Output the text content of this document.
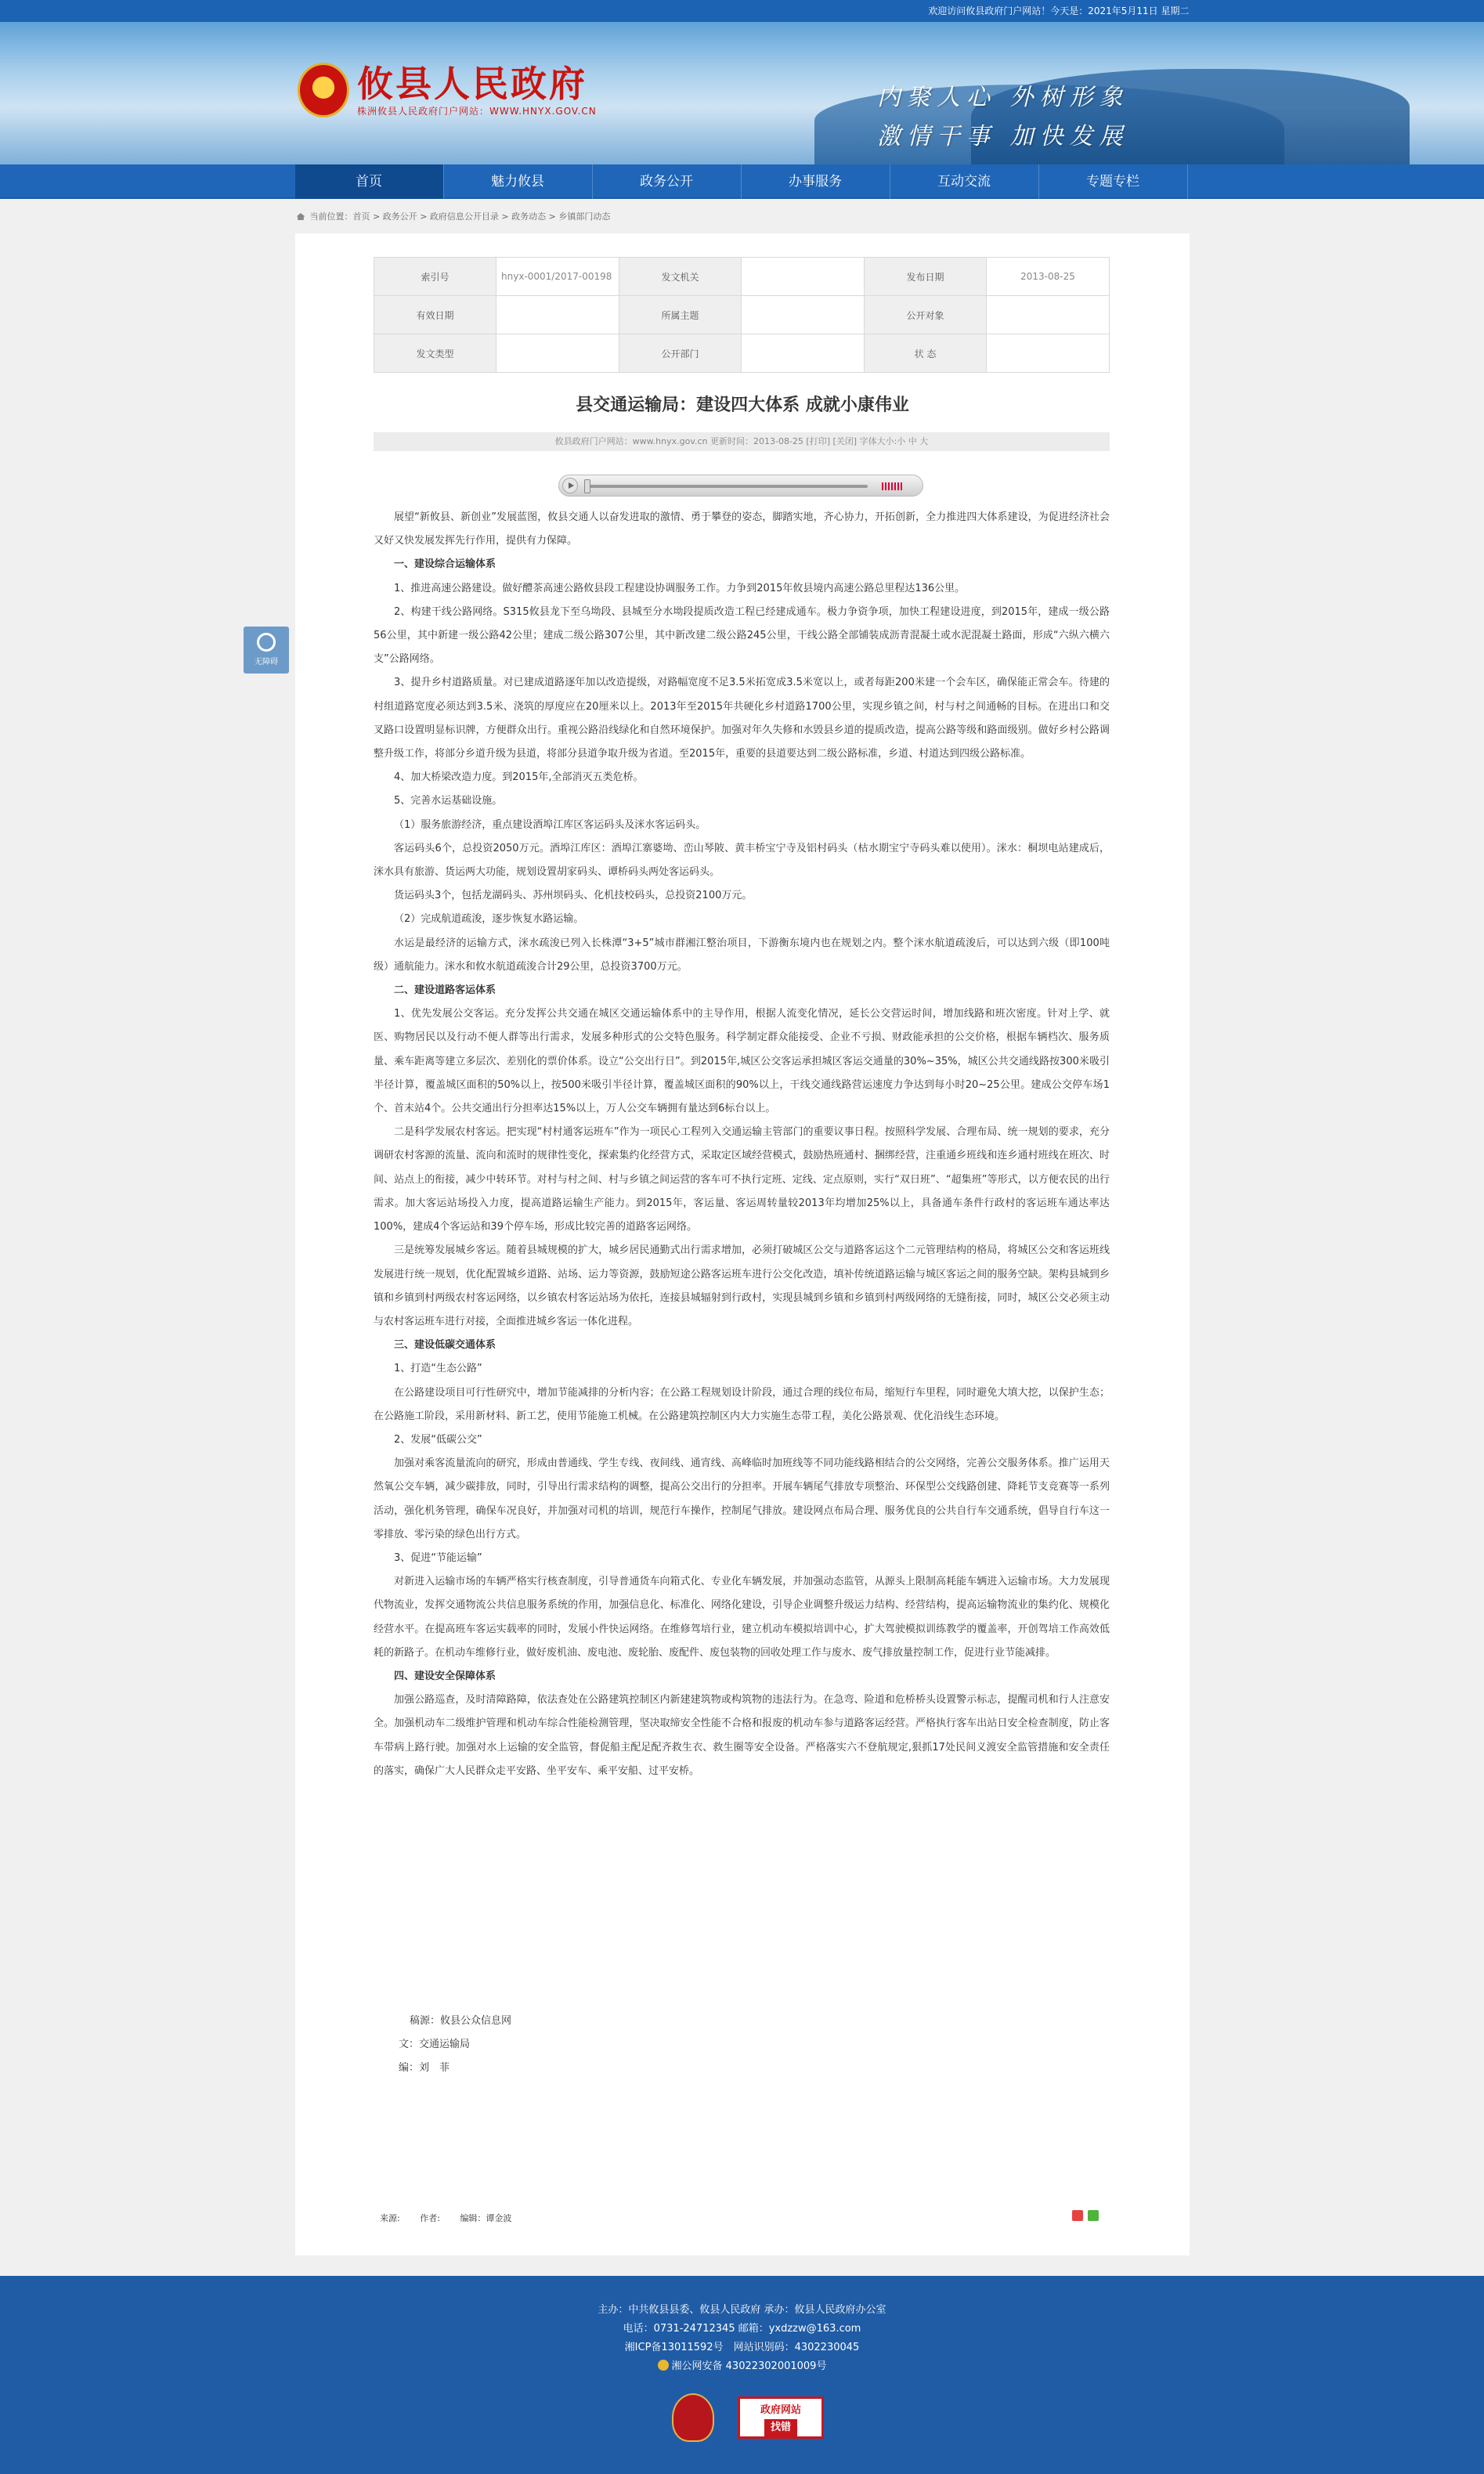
欢迎访问攸县政府门户网站！今天是：2021年5月11日 星期二
攸县人民政府
株洲攸县人民政府门户网站：WWW.HNYX.GOV.CN	内聚人心 外树形象
激情干事 加快发展
首页	魅力攸县	政务公开	办事服务	互动交流	专题专栏
当前位置：首页 > 政务公开 > 政府信息公开目录 > 政务动态 > 乡镇部门动态
无障碍
索引号	hnyx-0001/2017-00198	发文机关		发布日期	2013-08-25
有效日期		所属主题		公开对象	
发文类型		公开部门		状 态	
县交通运输局：建设四大体系 成就小康伟业
攸县政府门户网站：www.hnyx.gov.cn 更新时间：2013-08-25 [打印] [关闭] 字体大小:小 中 大

展望“新攸县、新创业”发展蓝图，攸县交通人以奋发进取的激情、勇于攀登的姿态，脚踏实地，齐心协力，开拓创新，全力推进四大体系建设，为促进经济社会又好又快发展发挥先行作用，提供有力保障。

一、建设综合运输体系

1、推进高速公路建设。做好醴茶高速公路攸县段工程建设协调服务工作。力争到2015年攸县境内高速公路总里程达136公里。

2、构建干线公路网络。S315攸县龙下至乌坳段、县城至分水坳段提质改造工程已经建成通车。极力争资争项，加快工程建设进度，到2015年，建成一级公路56公里，其中新建一级公路42公里；建成二级公路307公里，其中新改建二级公路245公里，干线公路全部铺装成沥青混凝土或水泥混凝土路面，形成“六纵六横六支”公路网络。

3、提升乡村道路质量。对已建成道路逐年加以改造提级，对路幅宽度不足3.5米拓宽成3.5米宽以上，或者每距200米建一个会车区，确保能正常会车。待建的村组道路宽度必须达到3.5米、浇筑的厚度应在20厘米以上。2013年至2015年共硬化乡村道路1700公里，实现乡镇之间，村与村之间通畅的目标。在进出口和交叉路口设置明显标识牌，方便群众出行。重视公路沿线绿化和自然环境保护。加强对年久失修和水毁县乡道的提质改造，提高公路等级和路面级别。做好乡村公路调整升级工作，将部分乡道升级为县道，将部分县道争取升级为省道。至2015年，重要的县道要达到二级公路标准，乡道、村道达到四级公路标准。

4、加大桥梁改造力度。到2015年,全部消灭五类危桥。

5、完善水运基础设施。

（1）服务旅游经济，重点建设酒埠江库区客运码头及洣水客运码头。

客运码头6个，总投资2050万元。酒埠江库区：酒埠江寨婆坳、峦山琴陂、黄丰桥宝宁寺及铝村码头（枯水期宝宁寺码头难以使用）。洣水：桐坝电站建成后，洣水具有旅游、货运两大功能，规划设置胡家码头、谭桥码头两处客运码头。

货运码头3个，包括龙湖码头、苏州坝码头、化机技校码头，总投资2100万元。

（2）完成航道疏浚，逐步恢复水路运输。

水运是最经济的运输方式，洣水疏浚已列入长株潭“3+5”城市群湘江整治项目，下游衡东境内也在规划之内。整个洣水航道疏浚后，可以达到六级（即100吨级）通航能力。洣水和攸水航道疏浚合计29公里，总投资3700万元。

二、建设道路客运体系

1、优先发展公交客运。充分发挥公共交通在城区交通运输体系中的主导作用，根据人流变化情况，延长公交营运时间，增加线路和班次密度。针对上学、就医、购物居民以及行动不便人群等出行需求，发展多种形式的公交特色服务。科学制定群众能接受、企业不亏损、财政能承担的公交价格，根据车辆档次、服务质量、乘车距离等建立多层次、差别化的票价体系。设立“公交出行日”。到2015年,城区公交客运承担城区客运交通量的30%~35%，城区公共交通线路按300米吸引半径计算，覆盖城区面积的50%以上，按500米吸引半径计算，覆盖城区面积的90%以上，干线交通线路营运速度力争达到每小时20~25公里。建成公交停车场1个、首末站4个。公共交通出行分担率达15%以上，万人公交车辆拥有量达到6标台以上。

二是科学发展农村客运。把实现“村村通客运班车”作为一项民心工程列入交通运输主管部门的重要议事日程。按照科学发展、合理布局、统一规划的要求，充分调研农村客源的流量、流向和流时的规律性变化，探索集约化经营方式，采取定区域经营模式，鼓励热班通村、捆绑经营，注重通乡班线和连乡通村班线在班次、时间、站点上的衔接，减少中转环节。对村与村之间、村与乡镇之间运营的客车可不执行定班、定线、定点原则，实行“双日班”、“超集班”等形式，以方便农民的出行需求。加大客运站场投入力度，提高道路运输生产能力。到2015年，客运量、客运周转量较2013年均增加25%以上，具备通车条件行政村的客运班车通达率达100%，建成4个客运站和39个停车场，形成比较完善的道路客运网络。

三是统筹发展城乡客运。随着县城规模的扩大，城乡居民通勤式出行需求增加，必须打破城区公交与道路客运这个二元管理结构的格局，将城区公交和客运班线发展进行统一规划，优化配置城乡道路、站场、运力等资源，鼓励短途公路客运班车进行公交化改造，填补传统道路运输与城区客运之间的服务空缺。架构县城到乡镇和乡镇到村两级农村客运网络，以乡镇农村客运站场为依托，连接县城辐射到行政村，实现县城到乡镇和乡镇到村两级网络的无缝衔接，同时，城区公交必须主动与农村客运班车进行对接，全面推进城乡客运一体化进程。

三、建设低碳交通体系

1、打造“生态公路”

在公路建设项目可行性研究中，增加节能减排的分析内容；在公路工程规划设计阶段，通过合理的线位布局，缩短行车里程，同时避免大填大挖，以保护生态；在公路施工阶段，采用新材料、新工艺，使用节能施工机械。在公路建筑控制区内大力实施生态带工程，美化公路景观、优化沿线生态环境。

2、发展“低碳公交”

加强对乘客流量流向的研究，形成由普通线、学生专线、夜间线、通宵线、高峰临时加班线等不同功能线路相结合的公交网络，完善公交服务体系。推广运用天然氧公交车辆，减少碳排放，同时，引导出行需求结构的调整，提高公交出行的分担率。开展车辆尾气排放专项整治、环保型公交线路创建、降耗节支竞赛等一系列活动，强化机务管理，确保车况良好，并加强对司机的培训，规范行车操作，控制尾气排放。建设网点布局合理、服务优良的公共自行车交通系统，倡导自行车这一零排放、零污染的绿色出行方式。

3、促进“节能运输”

对新进入运输市场的车辆严格实行核查制度，引导普通货车向箱式化、专业化车辆发展，并加强动态监管，从源头上限制高耗能车辆进入运输市场。大力发展现代物流业，发挥交通物流公共信息服务系统的作用，加强信息化、标准化、网络化建设，引导企业调整升级运力结构、经营结构，提高运输物流业的集约化、规模化经营水平。在提高班车客运实载率的同时，发展小件快运网络。在维修驾培行业，建立机动车模拟培训中心，扩大驾驶模拟训练教学的覆盖率，开创驾培工作高效低耗的新路子。在机动车维修行业，做好废机油、废电池、废轮胎、废配件、废包装物的回收处理工作与废水、废气排放量控制工作，促进行业节能减排。

四、建设安全保障体系

加强公路巡查，及时清障路障，依法查处在公路建筑控制区内新建建筑物或构筑物的违法行为。在急弯、险道和危桥桥头设置警示标志，提醒司机和行人注意安全。加强机动车二级维护管理和机动车综合性能检测管理，坚决取缔安全性能不合格和报废的机动车参与道路客运经营。严格执行客车出站日安全检查制度，防止客车带病上路行驶。加强对水上运输的安全监管，督促船主配足配齐救生衣、救生圈等安全设备。严格落实六不登航规定,狠抓17处民间义渡安全监管措施和安全责任的落实，确保广大人民群众走平安路、坐平安车、乘平安船、过平安桥。

稿源：攸县公众信息网
文：交通运输局
编：刘　菲
来源: 作者: 编辑：谭金波
主办：中共攸县县委、攸县人民政府 承办：攸县人民政府办公室
电话：0731-24712345 邮箱：yxdzzw@163.com
湘ICP备13011592号　网站识别码：4302230045
湘公网安备 43022302001009号
政府网站
找错
